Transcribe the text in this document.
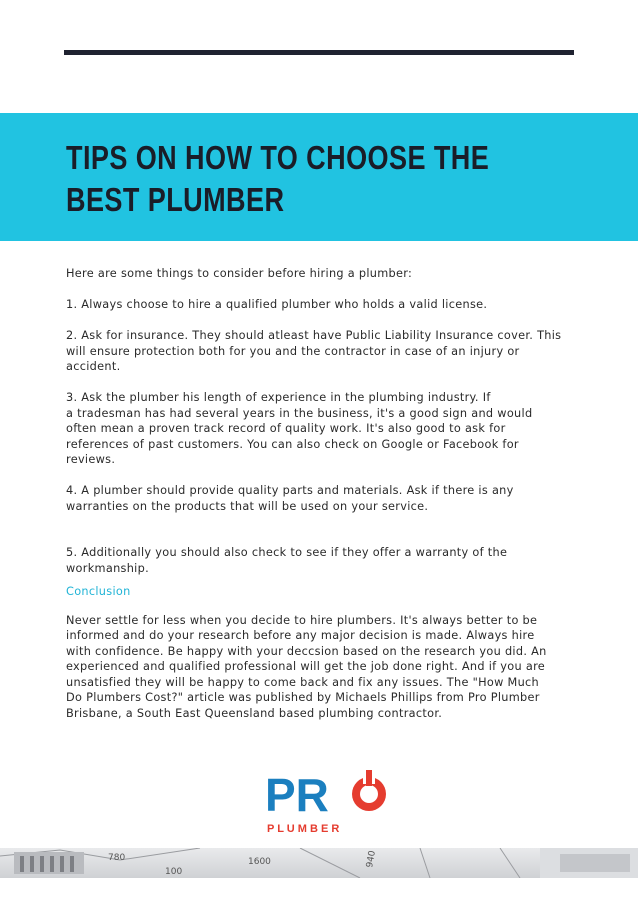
TIPS ON HOW TO CHOOSE THE
BEST PLUMBER

Here are some things to consider before hiring a plumber:

1. Always choose to hire a qualified plumber who holds a valid license.

2. Ask for insurance. They should atleast have Public Liability Insurance cover. This

will ensure protection both for you and the contractor in case of an injury or

accident.

3. Ask the plumber his length of experience in the plumbing industry. If

a tradesman has had several years in the business, it's a good sign and would

often mean a proven track record of quality work. It's also good to ask for

references of past customers. You can also check on Google or Facebook for

reviews.

4. A plumber should provide quality parts and materials. Ask if there is any

warranties on the products that will be used on your service.

5. Additionally you should also check to see if they offer a warranty of the

workmanship.

Conclusion

Never settle for less when you decide to hire plumbers. It's always better to be

informed and do your research before any major decision is made. Always hire

with confidence. Be happy with your deccsion based on the research you did. An

experienced and qualified professional will get the job done right. And if you are

unsatisfied they will be happy to come back and fix any issues. The "How Much

Do Plumbers Cost?" article was published by Michaels Phillips from Pro Plumber

Brisbane, a South East Queensland based plumbing contractor.

PR	O
P L U M B E R
780	1600
100
940
